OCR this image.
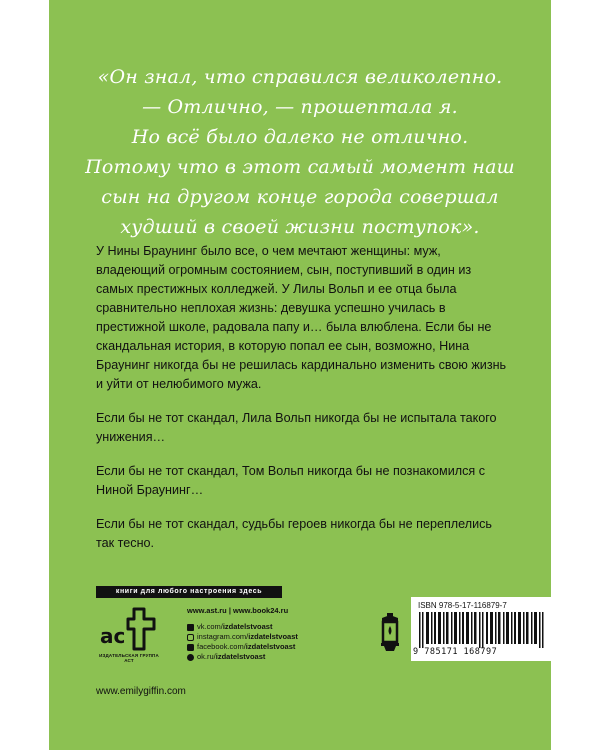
«Он знал, что справился великолепно.
— Отлично, — прошептала я.
Но всё было далеко не отлично.
Потому что в этот самый момент наш
сын на другом конце города совершал
худший в своей жизни поступок».

У Нины Браунинг было все, о чем мечтают женщины: муж, владеющий огромным состоянием, сын, поступивший в один из самых престижных колледжей. У Лилы Вольп и ее отца была сравнительно неплохая жизнь: девушка успешно училась в престижной школе, радовала папу и… была влюблена. Если бы не скандальная история, в которую попал ее сын, возможно, Нина Браунинг никогда бы не решилась кардинально изменить свою жизнь и уйти от нелюбимого мужа.

Если бы не тот скандал, Лила Вольп никогда бы не испытала такого унижения…

Если бы не тот скандал, Том Вольп никогда бы не познакомился с Ниной Браунинг…

Если бы не тот скандал, судьбы героев никогда бы не переплелись так тесно.

книги для любого настроения здесь
ас
ИЗДАТЕЛЬСКАЯ ГРУППА АСТ
www.ast.ru | www.book24.ru
vk.com/ izdatelstvoast
instagram.com/ izdatelstvoast
facebook.com/ izdatelstvoast
ok.ru/ izdatelstvoast
ISBN 978-5-17-116879-7
9 785171 168797
www.emilygiffin.com
